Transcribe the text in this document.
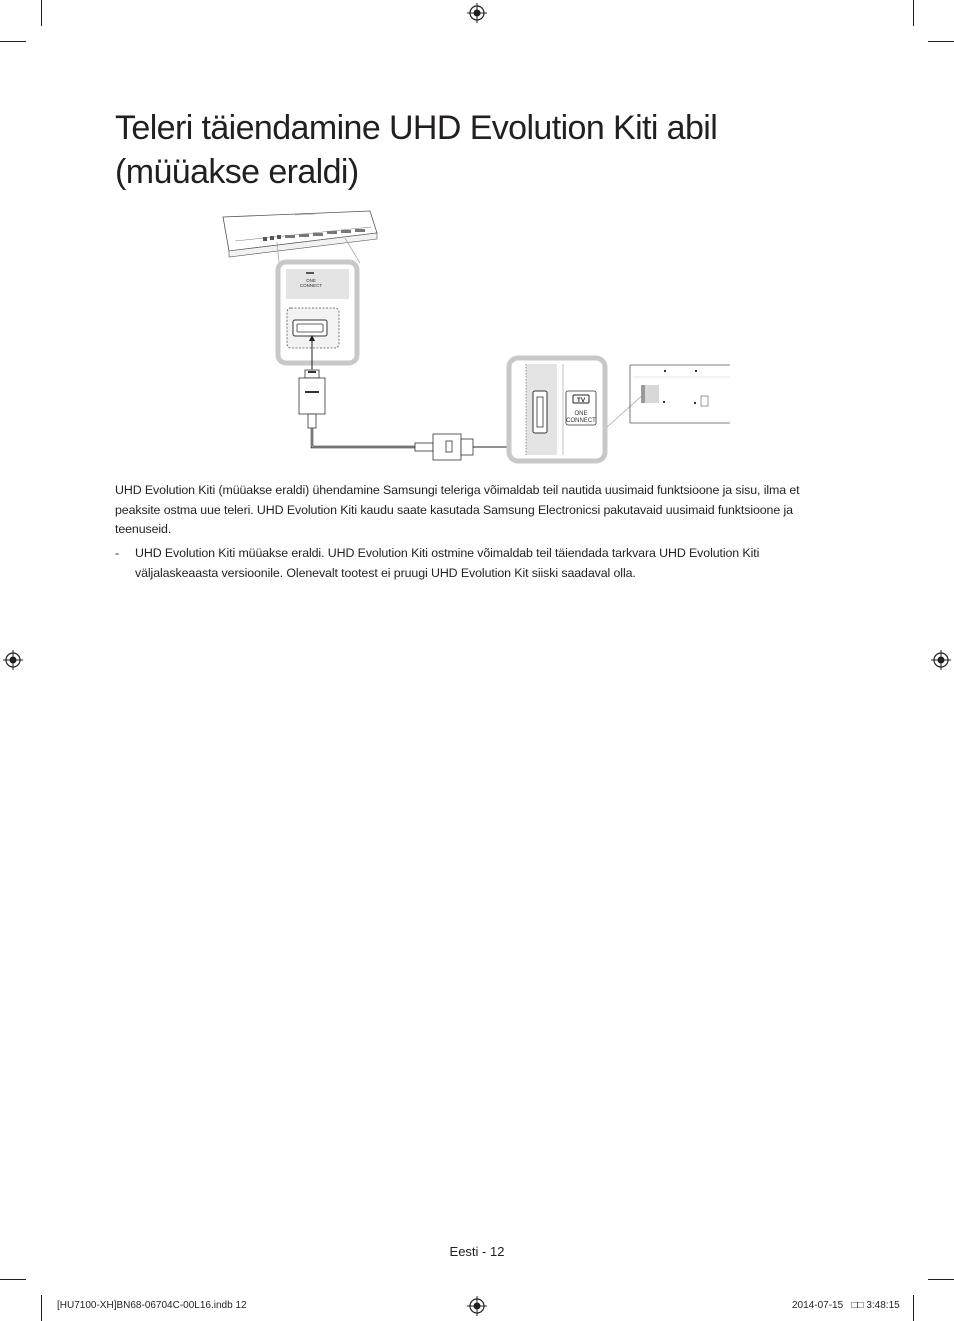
Teleri täiendamine UHD Evolution Kiti abil
(müüakse eraldi)
ONE
CONNECT
TV
ONE
CONNECT

UHD Evolution Kiti (müüakse eraldi) ühendamine Samsungi teleriga võimaldab teil nautida uusimaid funktsioone ja sisu, ilma et peaksite ostma uue teleri. UHD Evolution Kiti kaudu saate kasutada Samsung Electronicsi pakutavaid uusimaid funktsioone ja teenuseid.

-	UHD Evolution Kiti müüakse eraldi. UHD Evolution Kiti ostmine võimaldab teil täiendada tarkvara UHD Evolution Kiti väljalaskeaasta versioonile. Olenevalt tootest ei pruugi UHD Evolution Kit siiski saadaval olla.
Eesti - 12
[HU7100-XH]BN68-06704C-00L16.indb 12	2014-07-15   □□ 3:48:15
